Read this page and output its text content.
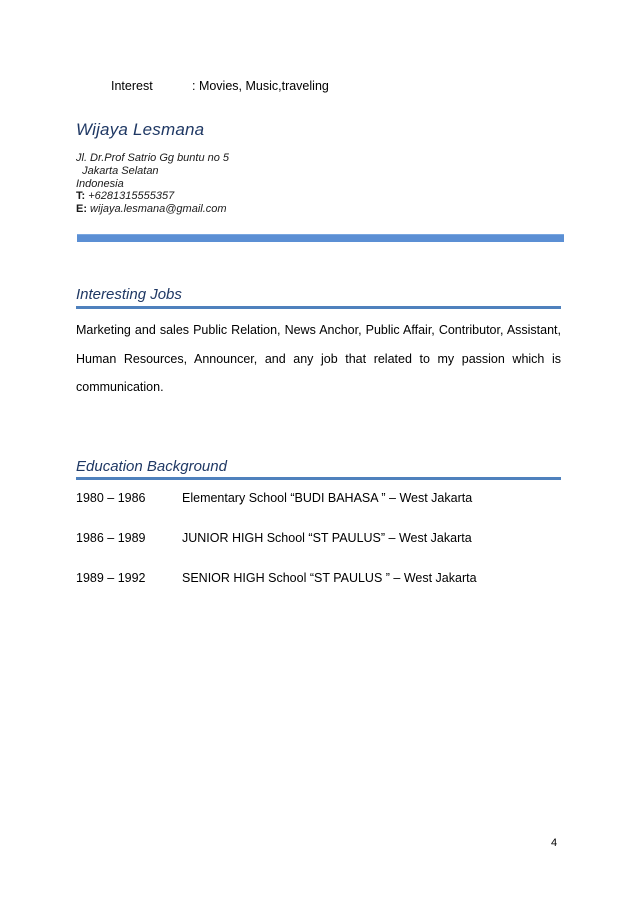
Interest	: Movies, Music,traveling
Wijaya Lesmana
Jl. Dr.Prof Satrio Gg buntu no 5
Jakarta Selatan
Indonesia
T: +6281315555357
E: wijaya.lesmana@gmail.com
Interesting Jobs
Marketing and sales Public Relation, News Anchor, Public Affair, Contributor, Assistant, Human Resources, Announcer, and any job that related to my passion which is communication.
Education Background
1980 – 1986	Elementary School “BUDI BAHASA ” – West Jakarta
1986 – 1989	JUNIOR HIGH School “ST PAULUS” – West Jakarta
1989 – 1992	SENIOR HIGH School “ST PAULUS ” – West Jakarta
4
